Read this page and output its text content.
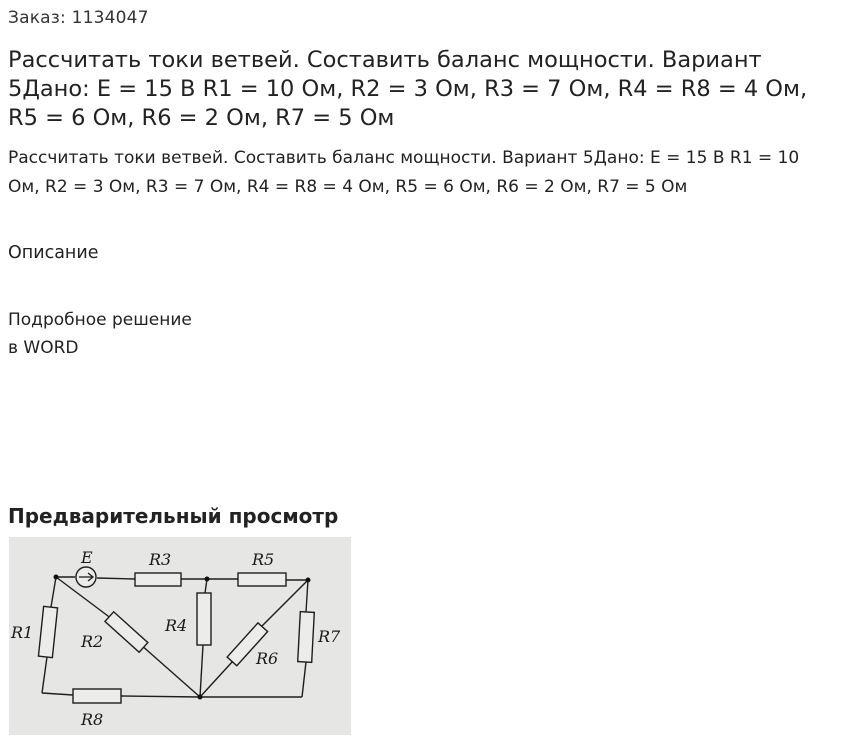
Заказ: 1134047
Рассчитать токи ветвей. Составить баланс мощности. Вариант 5Дано: E = 15 В R1 = 10 Ом, R2 = 3 Ом, R3 = 7 Ом, R4 = R8 = 4 Ом, R5 = 6 Ом, R6 = 2 Ом, R7 = 5 Ом
Рассчитать токи ветвей. Составить баланс мощности. Вариант 5Дано: E = 15 В R1 = 10 Ом, R2 = 3 Ом, R3 = 7 Ом, R4 = R8 = 4 Ом, R5 = 6 Ом, R6 = 2 Ом, R7 = 5 Ом
Описание
Подробное решение
в WORD
Предварительный просмотр
E	R3	R5
R1	R2
R4
R6
R7
R8
